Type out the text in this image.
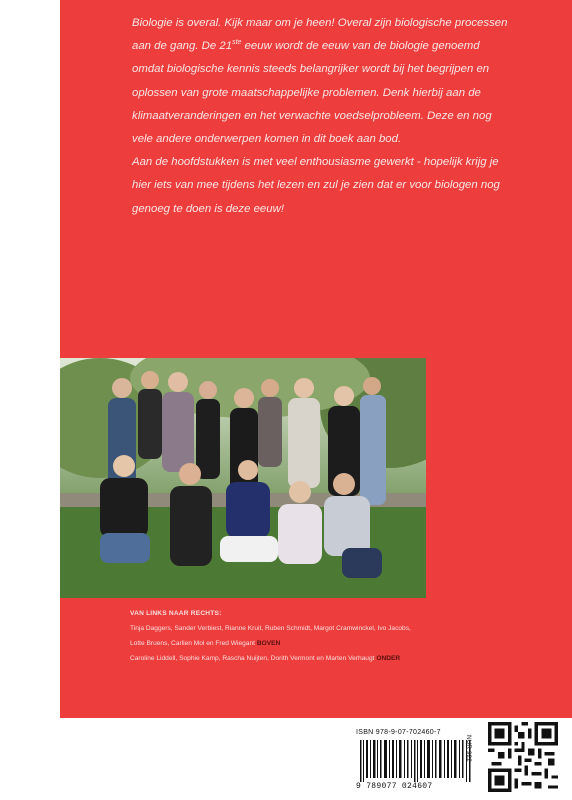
Biologie is overal. Kijk maar om je heen! Overal zijn biologische processen
aan de gang. De 21ste eeuw wordt de eeuw van de biologie genoemd
omdat biologische kennis steeds belangrijker wordt bij het begrijpen en
oplossen van grote maatschappelijke problemen. Denk hierbij aan de
klimaatveranderingen en het verwachte voedselprobleem. Deze en nog
vele andere onderwerpen komen in dit boek aan bod.

Aan de hoofdstukken is met veel enthousiasme gewerkt - hopelijk krijg je
hier iets van mee tijdens het lezen en zul je zien dat er voor biologen nog
genoeg te doen is deze eeuw!

VAN LINKS NAAR RECHTS:
Tinja Daggers, Sander Verbiest, Rianne Kruit, Ruben Schmidt, Margot Cramwinckel, Ivo Jacobs,
Lotte Bruens, Carlien Mol en Fred Wiegant BOVEN
Caroline Liddell, Sophie Kamp, Rascha Nuijten, Dorith Vermont en Marten Verhaugt ONDER
ISBN 978-9-07-702460-7
9 789077 024607
NUR 922
